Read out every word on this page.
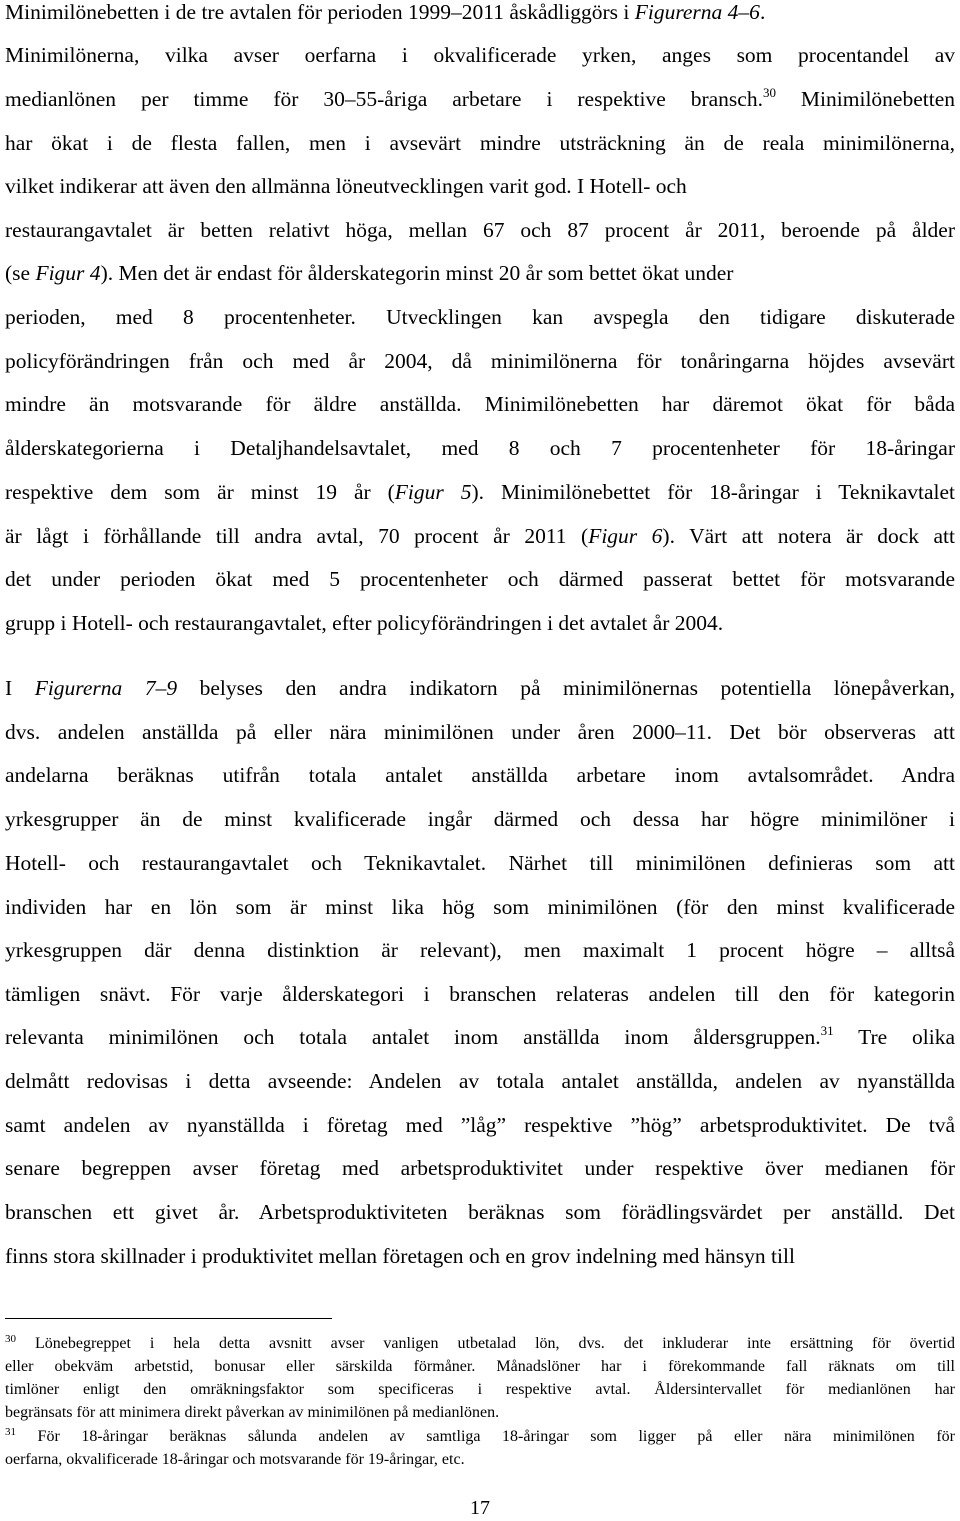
Minimilönebetten i de tre avtalen för perioden 1999–2011 åskådliggörs i Figurerna 4–6.
Minimilönerna, vilka avser oerfarna i okvalificerade yrken, anges som procentandel av
medianlönen per timme för 30–55-åriga arbetare i respektive bransch.$^{30}$ Minimilönebetten
har ökat i de flesta fallen, men i avsevärt mindre utsträckning än de reala minimilönerna,
vilket indikerar att även den allmänna löneutvecklingen varit god. I Hotell- och
restaurangavtalet är betten relativt höga, mellan 67 och 87 procent år 2011, beroende på ålder
(se Figur 4). Men det är endast för ålderskategorin minst 20 år som bettet ökat under
perioden, med 8 procentenheter. Utvecklingen kan avspegla den tidigare diskuterade
policyförändringen från och med år 2004, då minimilönerna för tonåringarna höjdes avsevärt
mindre än motsvarande för äldre anställda. Minimilönebetten har däremot ökat för båda
ålderskategorierna i Detaljhandelsavtalet, med 8 och 7 procentenheter för 18-åringar
respektive dem som är minst 19 år (Figur 5). Minimilönebettet för 18-åringar i Teknikavtalet
är lågt i förhållande till andra avtal, 70 procent år 2011 (Figur 6). Värt att notera är dock att
det under perioden ökat med 5 procentenheter och därmed passerat bettet för motsvarande
grupp i Hotell- och restaurangavtalet, efter policyförändringen i det avtalet år 2004.
I Figurerna 7–9 belyses den andra indikatorn på minimilönernas potentiella lönepåverkan,
dvs. andelen anställda på eller nära minimilönen under åren 2000–11. Det bör observeras att
andelarna beräknas utifrån totala antalet anställda arbetare inom avtalsområdet. Andra
yrkesgrupper än de minst kvalificerade ingår därmed och dessa har högre minimilöner i
Hotell- och restaurangavtalet och Teknikavtalet. Närhet till minimilönen definieras som att
individen har en lön som är minst lika hög som minimilönen (för den minst kvalificerade
yrkesgruppen där denna distinktion är relevant), men maximalt 1 procent högre – alltså
tämligen snävt. För varje ålderskategori i branschen relateras andelen till den för kategorin
relevanta minimilönen och totala antalet inom anställda inom åldersgruppen.$^{31}$ Tre olika
delmått redovisas i detta avseende: Andelen av totala antalet anställda, andelen av nyanställda
samt andelen av nyanställda i företag med ”låg” respektive ”hög” arbetsproduktivitet. De två
senare begreppen avser företag med arbetsproduktivitet under respektive över medianen för
branschen ett givet år. Arbetsproduktiviteten beräknas som förädlingsvärdet per anställd. Det
finns stora skillnader i produktivitet mellan företagen och en grov indelning med hänsyn till
$^{30}$ Lönebegreppet i hela detta avsnitt avser vanligen utbetalad lön, dvs. det inkluderar inte ersättning för övertid
eller obekväm arbetstid, bonusar eller särskilda förmåner. Månadslöner har i förekommande fall räknats om till
timlöner enligt den omräkningsfaktor som specificeras i respektive avtal. Åldersintervallet för medianlönen har
begränsats för att minimera direkt påverkan av minimilönen på medianlönen.
$^{31}$ För 18-åringar beräknas sålunda andelen av samtliga 18-åringar som ligger på eller nära minimilönen för
oerfarna, okvalificerade 18-åringar och motsvarande för 19-åringar, etc.
17
